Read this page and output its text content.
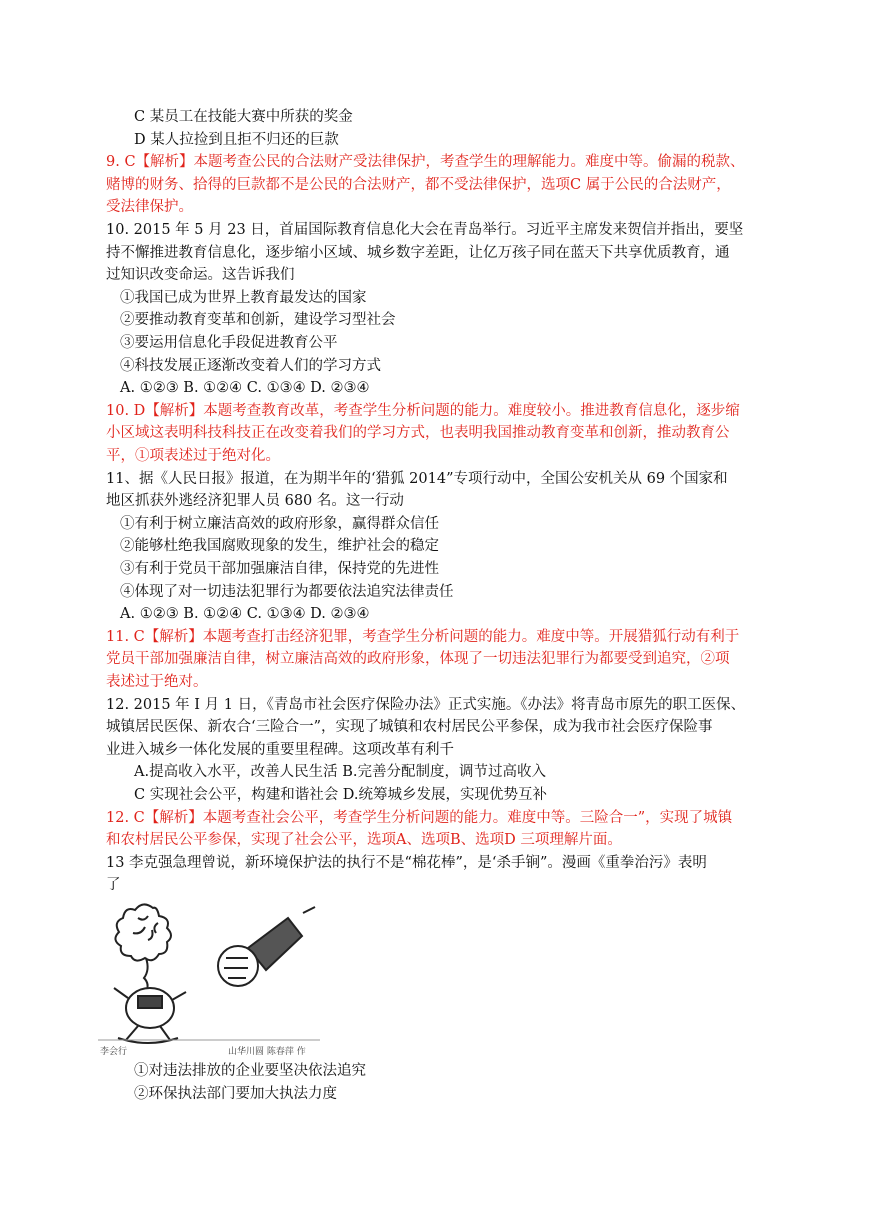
C 某员工在技能大赛中所获的奖金
D 某人拉捡到且拒不归还的巨款
9. C【解析】本题考查公民的合法财产受法律保护，考查学生的理解能力。难度中等。偷漏的税款、
赌博的财务、拾得的巨款都不是公民的合法财产，都不受法律保护，选项C 属于公民的合法财产，
受法律保护。
10. 2015 年 5 月 23 日，首届国际教育信息化大会在青岛举行。习近平主席发来贺信并指出，要坚
持不懈推进教育信息化，逐步缩小区域、城乡数字差距，让亿万孩子同在蓝天下共享优质教育，通
过知识改变命运。这告诉我们
①我国已成为世界上教育最发达的国家
②要推动教育变革和创新，建设学习型社会
③要运用信息化手段促进教育公平
④科技发展正逐渐改变着人们的学习方式
A. ①②③ B. ①②④ C. ①③④ D. ②③④
10. D【解析】本题考查教育改革，考查学生分析问题的能力。难度较小。推进教育信息化，逐步缩
小区域这表明科技科技正在改变着我们的学习方式，也表明我国推动教育变革和创新，推动教育公
平，①项表述过于绝对化。
11、据《人民日报》报道，在为期半年的‘猎狐 2014”专项行动中，全国公安机关从 69 个国家和
地区抓获外逃经济犯罪人员 680 名。这一行动
①有利于树立廉洁高效的政府形象，赢得群众信任
②能够杜绝我国腐败现象的发生，维护社会的稳定
③有利于党员干部加强廉洁自律，保持党的先进性
④体现了对一切违法犯罪行为都要依法追究法律责任
A. ①②③ B. ①②④ C. ①③④ D. ②③④
11. C【解析】本题考查打击经济犯罪，考查学生分析问题的能力。难度中等。开展猎狐行动有利于
党员干部加强廉洁自律，树立廉洁高效的政府形象，体现了一切违法犯罪行为都要受到追究，②项
表述过于绝对。
12. 2015 年 I 月 1 日，《青岛市社会医疗保险办法》正式实施。《办法》将青岛市原先的职工医保、
城镇居民医保、新农合‘三险合一”，实现了城镇和农村居民公平参保，成为我市社会医疗保险事
业进入城乡一体化发展的重要里程碑。这项改革有利千
A.提高收入水平，改善人民生活 B.完善分配制度，调节过高收入
C 实现社会公平，构建和谐社会 D.统筹城乡发展，实现优势互补
12. C【解析】本题考查社会公平，考查学生分析问题的能力。难度中等。三险合一”，实现了城镇
和农村居民公平参保，实现了社会公平，选项A、选项B、选项D 三项理解片面。
13 李克强急理曾说，新环境保护法的执行不是“棉花棒”，是‘杀手锏”。漫画《重拳治污》表明
了
李会行	山华川圆 陈春萍 作
①对违法排放的企业要坚决依法追究
②环保执法部门要加大执法力度
